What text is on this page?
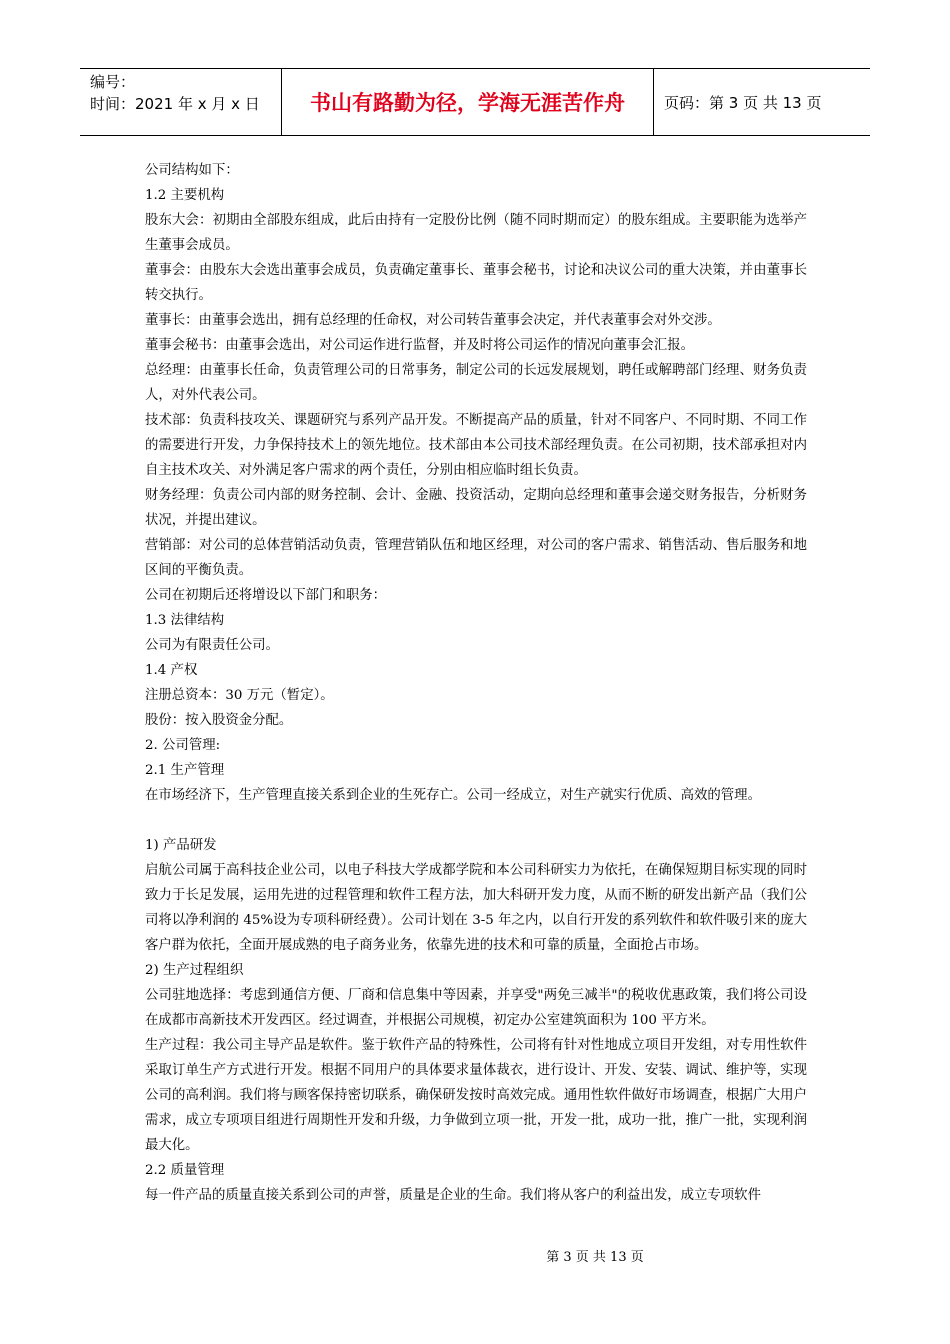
编号：
时间：2021 年 x 月 x 日	书山有路勤为径，学海无涯苦作舟	页码：第 3 页 共 13 页

公司结构如下：

1.2 主要机构

股东大会：初期由全部股东组成，此后由持有一定股份比例（随不同时期而定）的股东组成。主要职能为选举产生董事会成员。

董事会：由股东大会选出董事会成员，负责确定董事长、董事会秘书，讨论和决议公司的重大决策，并由董事长转交执行。

董事长：由董事会选出，拥有总经理的任命权，对公司转告董事会决定，并代表董事会对外交涉。

董事会秘书：由董事会选出，对公司运作进行监督，并及时将公司运作的情况向董事会汇报。

总经理：由董事长任命，负责管理公司的日常事务，制定公司的长远发展规划，聘任或解聘部门经理、财务负责人，对外代表公司。

技术部：负责科技攻关、课题研究与系列产品开发。不断提高产品的质量，针对不同客户、不同时期、不同工作的需要进行开发，力争保持技术上的领先地位。技术部由本公司技术部经理负责。在公司初期，技术部承担对内自主技术攻关、对外满足客户需求的两个责任，分别由相应临时组长负责。

财务经理：负责公司内部的财务控制、会计、金融、投资活动，定期向总经理和董事会递交财务报告，分析财务状况，并提出建议。

营销部：对公司的总体营销活动负责，管理营销队伍和地区经理，对公司的客户需求、销售活动、售后服务和地区间的平衡负责。

公司在初期后还将增设以下部门和职务：

1.3 法律结构

公司为有限责任公司。

1.4 产权

注册总资本：30 万元（暂定）。

股份：按入股资金分配。

2. 公司管理:

2.1 生产管理

在市场经济下，生产管理直接关系到企业的生死存亡。公司一经成立，对生产就实行优质、高效的管理。

1) 产品研发

启航公司属于高科技企业公司，以电子科技大学成都学院和本公司科研实力为依托，在确保短期目标实现的同时致力于长足发展，运用先进的过程管理和软件工程方法，加大科研开发力度，从而不断的研发出新产品（我们公司将以净利润的 45%设为专项科研经费）。公司计划在 3-5 年之内，以自行开发的系列软件和软件吸引来的庞大客户群为依托，全面开展成熟的电子商务业务，依靠先进的技术和可靠的质量，全面抢占市场。

2) 生产过程组织

公司驻地选择：考虑到通信方便、厂商和信息集中等因素，并享受"两免三减半"的税收优惠政策，我们将公司设在成都市高新技术开发西区。经过调查，并根据公司规模，初定办公室建筑面积为 100 平方米。

生产过程：我公司主导产品是软件。鉴于软件产品的特殊性，公司将有针对性地成立项目开发组，对专用性软件采取订单生产方式进行开发。根据不同用户的具体要求量体裁衣，进行设计、开发、安装、调试、维护等，实现公司的高利润。我们将与顾客保持密切联系，确保研发按时高效完成。通用性软件做好市场调查，根据广大用户需求，成立专项项目组进行周期性开发和升级，力争做到立项一批，开发一批，成功一批，推广一批，实现利润最大化。

2.2 质量管理

每一件产品的质量直接关系到公司的声誉，质量是企业的生命。我们将从客户的利益出发，成立专项软件

第 3 页 共 13 页
